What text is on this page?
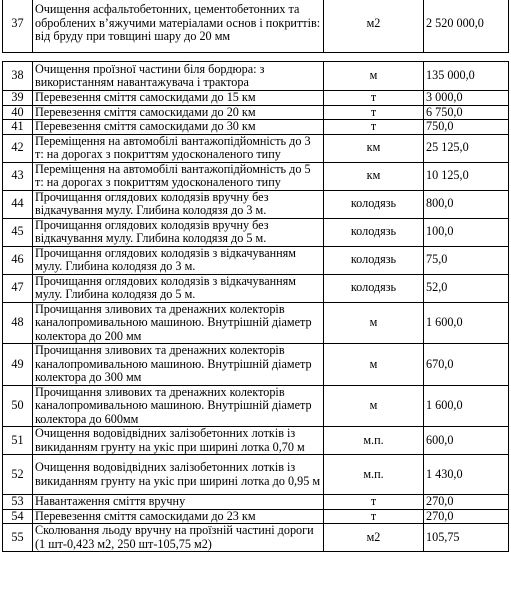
37	Очищення асфальтобетонних, цементобетонних та оброблених в’яжучими матеріалами основ і покриттів: від бруду при товщині шару до 20 мм	м2	2 520 000,0
38	Очищення проїзної частини біля бордюра: з використанням навантажувача і трактора	м	135 000,0
39	Перевезення сміття самоскидами до 15 км	т	3 000,0
40	Перевезення сміття самоскидами до 20 км	т	6 750,0
41	Перевезення сміття самоскидами до 30 км	т	750,0
42	Переміщення на автомобілі вантажопідйомність до 3 т: на дорогах з покриттям удосконаленого типу	км	25 125,0
43	Переміщення на автомобілі вантажопідйомність до 5 т: на дорогах з покриттям удосконаленого типу	км	10 125,0
44	Прочищання оглядових колодязів вручну без відкачування мулу. Глибина колодязя до 3 м.	колодязь	800,0
45	Прочищання оглядових колодязів вручну без відкачування мулу. Глибина колодязя до 5 м.	колодязь	100,0
46	Прочищання оглядових колодязів з відкачуванням мулу. Глибина колодязя до 3 м.	колодязь	75,0
47	Прочищання оглядових колодязів з відкачуванням мулу. Глибина колодязя до 5 м.	колодязь	52,0
48	Прочищання зливових та дренажних колекторів каналопромивальною машиною. Внутрішній діаметр колектора до 200 мм	м	1 600,0
49	Прочищання зливових та дренажних колекторів каналопромивальною машиною. Внутрішній діаметр колектора до 300 мм	м	670,0
50	Прочищання зливових та дренажних колекторів каналопромивальною машиною. Внутрішній діаметр колектора до 600мм	м	1 600,0
51	Очищення водовідвідних залізобетонних лотків із викиданням грунту на укіс при ширині лотка 0,70 м	м.п.	600,0
52	Очищення водовідвідних залізобетонних лотків із викиданням грунту на укіс при ширині лотка до 0,95 м	м.п.	1 430,0
53	Навантаження сміття вручну	т	270,0
54	Перевезення сміття самоскидами до 23 км	т	270,0
55	Сколювання льоду вручну на проїзній частині дороги (1 шт-0,423 м2, 250 шт-105,75 м2)	м2	105,75
